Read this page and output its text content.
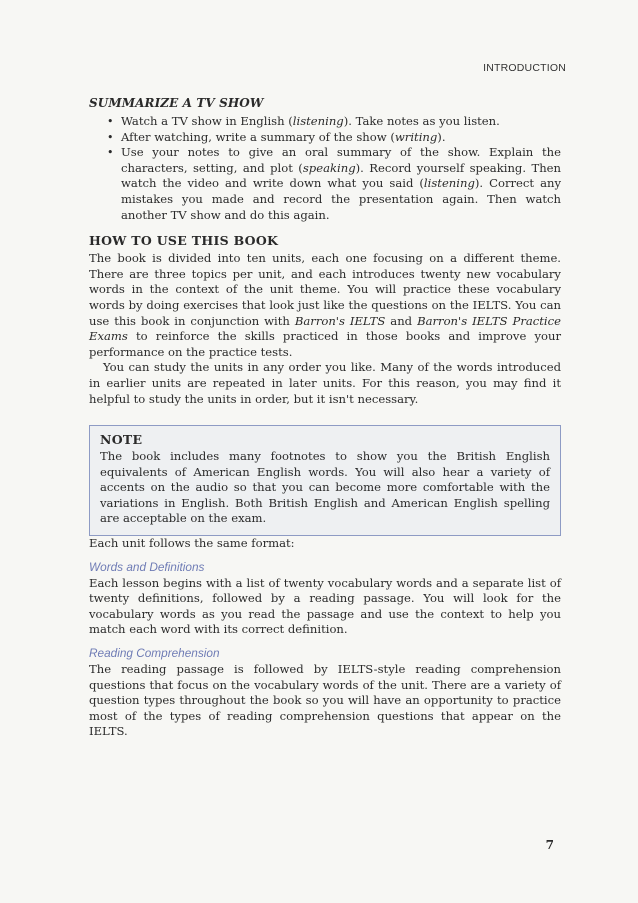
INTRODUCTION
SUMMARIZE A TV SHOW
• Watch a TV show in English (listening). Take notes as you listen.
• After watching, write a summary of the show (writing).
• Use your notes to give an oral summary of the show. Explain the characters, setting, and plot (speaking). Record yourself speaking. Then watch the video and write down what you said (listening). Correct any mistakes you made and record the presentation again. Then watch another TV show and do this again.
HOW TO USE THIS BOOK

The book is divided into ten units, each one focusing on a different theme. There are three topics per unit, and each introduces twenty new vocabulary words in the context of the unit theme. You will practice these vocabulary words by doing exercises that look just like the questions on the IELTS. You can use this book in conjunction with Barron's IELTS and Barron's IELTS Practice Exams to reinforce the skills practiced in those books and improve your performance on the practice tests.

You can study the units in any order you like. Many of the words introduced in earlier units are repeated in later units. For this reason, you may find it helpful to study the units in order, but it isn't necessary.

NOTE

The book includes many footnotes to show you the British English equivalents of American English words. You will also hear a variety of accents on the audio so that you can become more comfortable with the variations in English. Both British English and American English spelling are acceptable on the exam.

Each unit follows the same format:

Words and Definitions

Each lesson begins with a list of twenty vocabulary words and a separate list of twenty definitions, followed by a reading passage. You will look for the vocabulary words as you read the passage and use the context to help you match each word with its correct definition.

Reading Comprehension

The reading passage is followed by IELTS-style reading comprehension questions that focus on the vocabulary words of the unit. There are a variety of question types throughout the book so you will have an opportunity to practice most of the types of reading comprehension questions that appear on the IELTS.

7
